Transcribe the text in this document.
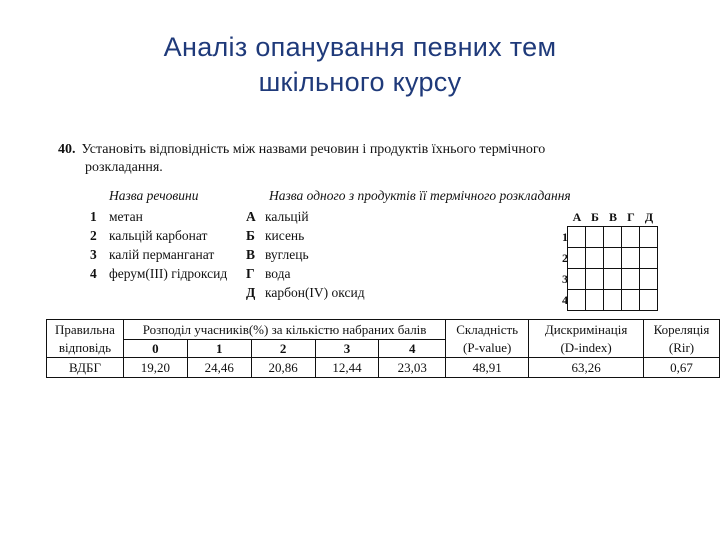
Аналіз опанування певних тем
шкільного курсу
40. Установіть відповідність між назвами речовин і продуктів їхнього термічного
розкладання.
Назва речовини	Назва одного з продуктів її термічного розкладання
1 метан
2 кальцій карбонат
3 калій перманганат
4 ферум(III) гідроксид
А кальцій
Б кисень
В вуглець
Г вода
Д карбон(IV) оксид
А Б В Г Д
1
2
3
4
Правильна	Розподіл учасників(%) за кількістю набраних балів					Складність	Дискримінація	Кореляція
відповідь	0	1	2	3	4	(P-value)	(D-index)	(Rir)
ВДБГ	19,20	24,46	20,86	12,44	23,03	48,91	63,26	0,67
